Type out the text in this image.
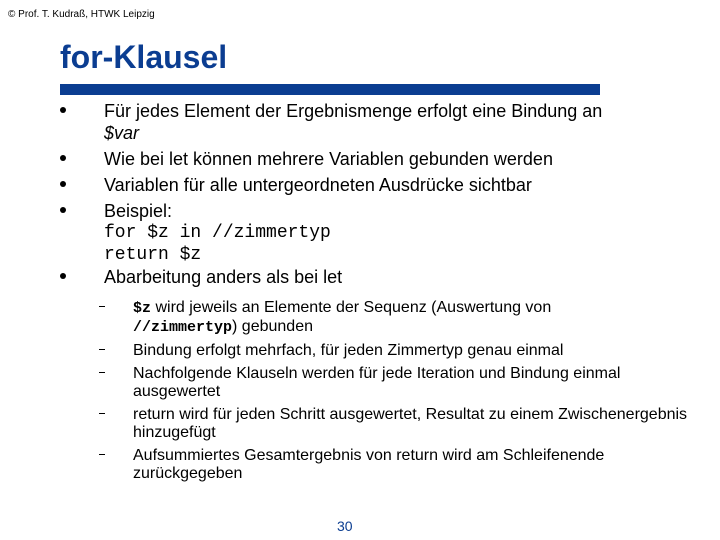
© Prof. T. Kudraß, HTWK Leipzig
for-Klausel
Für jedes Element der Ergebnismenge erfolgt eine Bindung an
$var
Wie bei let können mehrere Variablen gebunden werden
Variablen für alle untergeordneten Ausdrücke sichtbar
Beispiel:
for $z in //zimmertyp
return $z
Abarbeitung anders als bei let
$z wird jeweils an Elemente der Sequenz (Auswertung von
//zimmertyp) gebunden
Bindung erfolgt mehrfach, für jeden Zimmertyp genau einmal
Nachfolgende Klauseln werden für jede Iteration und Bindung einmal ausgewertet
return wird für jeden Schritt ausgewertet, Resultat zu einem Zwischenergebnis hinzugefügt
Aufsummiertes Gesamtergebnis von return wird am Schleifenende zurückgegeben
30
